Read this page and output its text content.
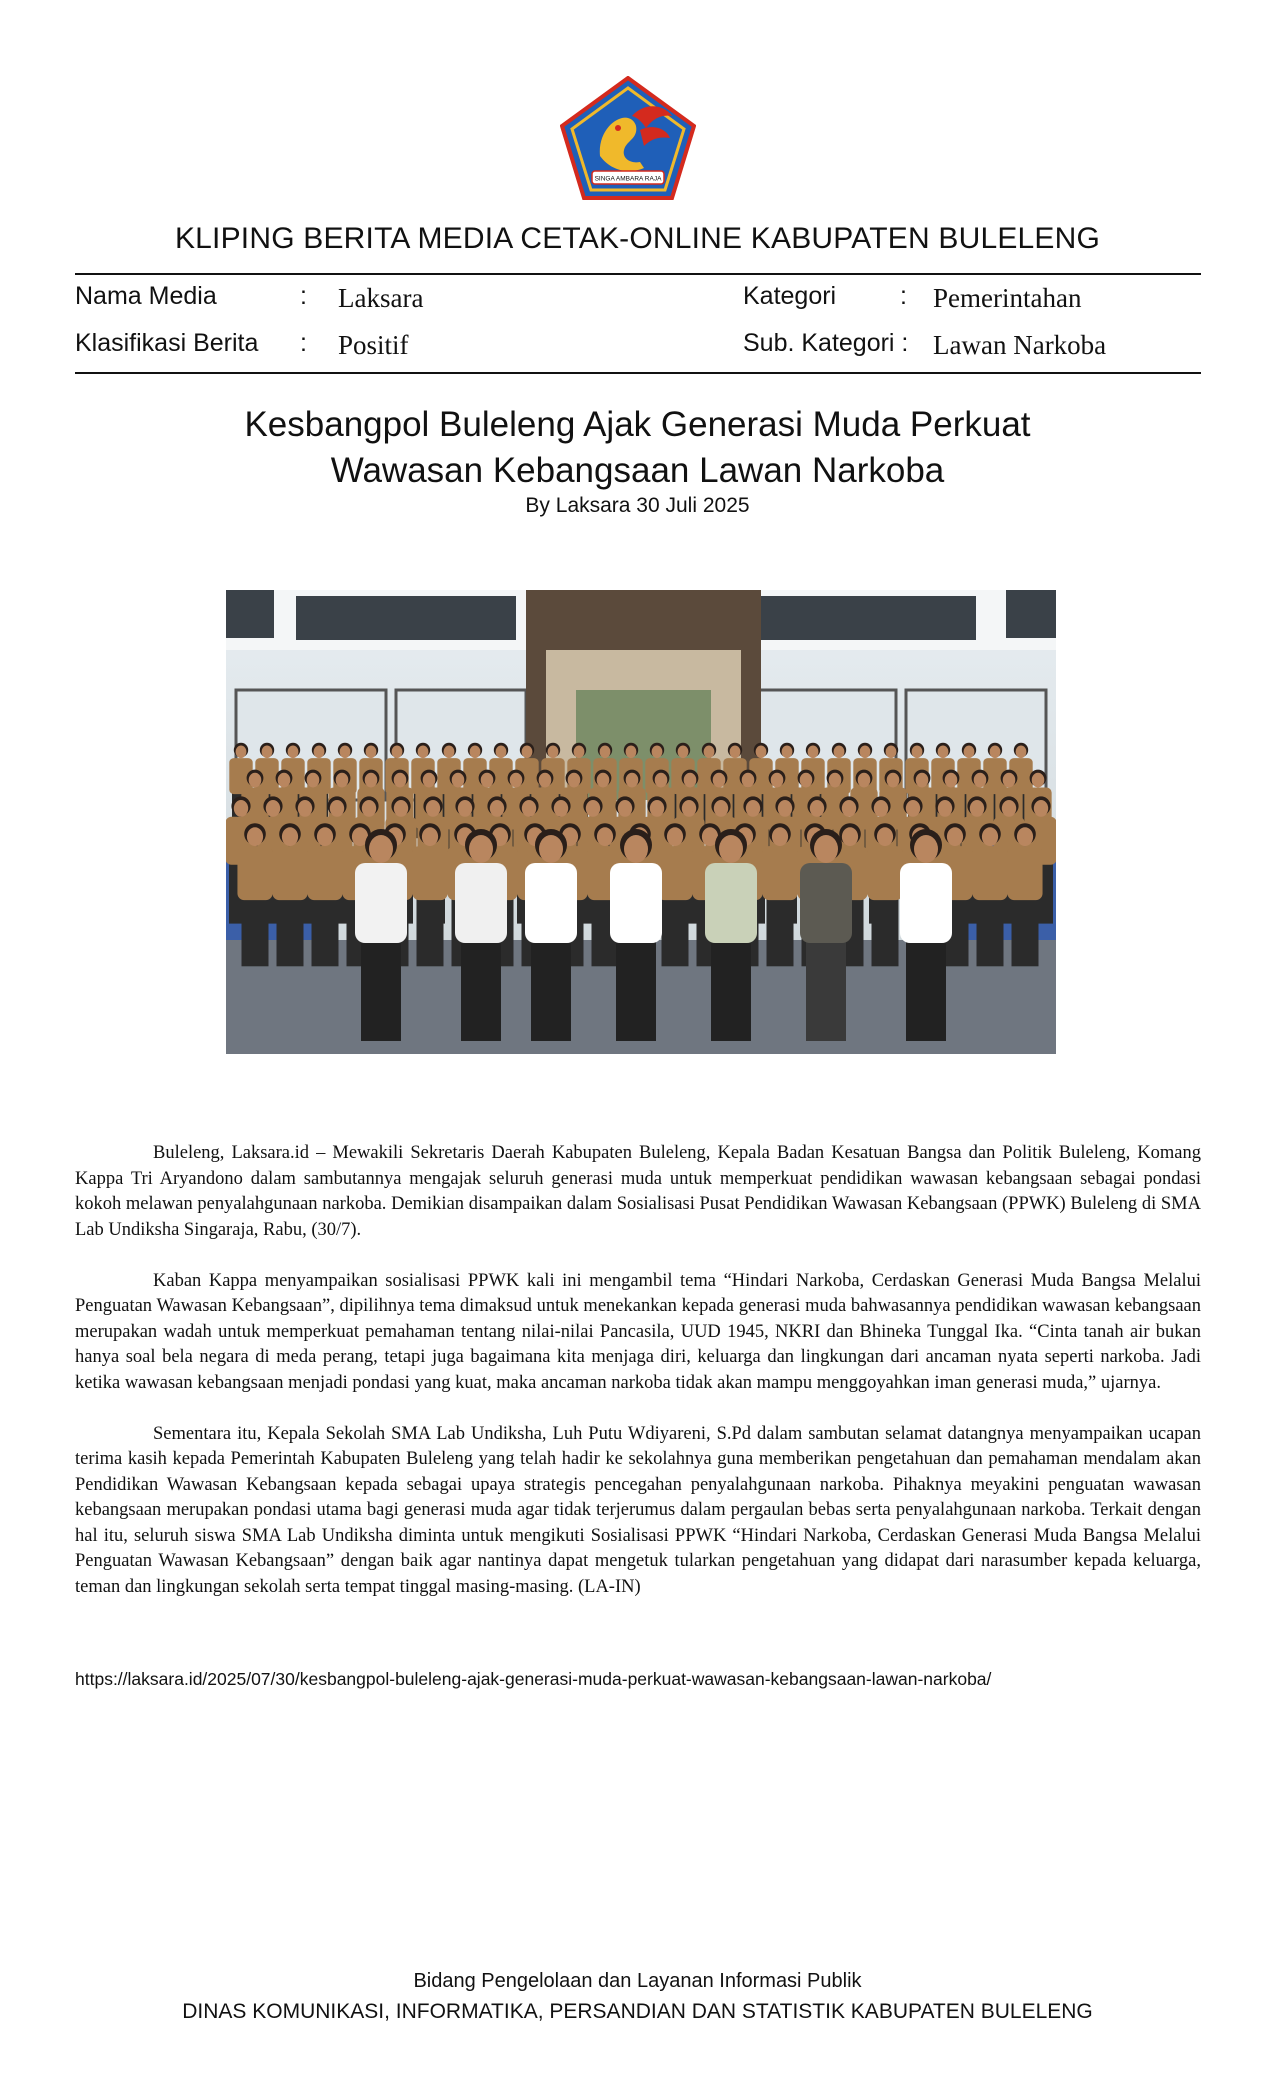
SINGA AMBARA RAJA
KLIPING BERITA MEDIA CETAK-ONLINE KABUPATEN BULELENG
Nama Media	: Laksara	Kategori	: Pemerintahan
Klasifikasi Berita : Positif	Sub. Kategori : Lawan Narkoba
Kesbangpol Buleleng Ajak Generasi Muda Perkuat
Wawasan Kebangsaan Lawan Narkoba
By Laksara 30 Juli 2025

Buleleng, Laksara.id – Mewakili Sekretaris Daerah Kabupaten Buleleng, Kepala Badan Kesatuan Bangsa dan Politik Buleleng, Komang Kappa Tri Aryandono dalam sambutannya mengajak seluruh generasi muda untuk memperkuat pendidikan wawasan kebangsaan sebagai pondasi kokoh melawan penyalahgunaan narkoba. Demikian disampaikan dalam Sosialisasi Pusat Pendidikan Wawasan Kebangsaan (PPWK) Buleleng di SMA Lab Undiksha Singaraja, Rabu, (30/7).

Kaban Kappa menyampaikan sosialisasi PPWK kali ini mengambil tema “Hindari Narkoba, Cerdaskan Generasi Muda Bangsa Melalui Penguatan Wawasan Kebangsaan”, dipilihnya tema dimaksud untuk menekankan kepada generasi muda bahwasannya pendidikan wawasan kebangsaan merupakan wadah untuk memperkuat pemahaman tentang nilai-nilai Pancasila, UUD 1945, NKRI dan Bhineka Tunggal Ika. “Cinta tanah air bukan hanya soal bela negara di meda perang, tetapi juga bagaimana kita menjaga diri, keluarga dan lingkungan dari ancaman nyata seperti narkoba. Jadi ketika wawasan kebangsaan menjadi pondasi yang kuat, maka ancaman narkoba tidak akan mampu menggoyahkan iman generasi muda,” ujarnya.

Sementara itu, Kepala Sekolah SMA Lab Undiksha, Luh Putu Wdiyareni, S.Pd dalam sambutan selamat datangnya menyampaikan ucapan terima kasih kepada Pemerintah Kabupaten Buleleng yang telah hadir ke sekolahnya guna memberikan pengetahuan dan pemahaman mendalam akan Pendidikan Wawasan Kebangsaan kepada sebagai upaya strategis pencegahan penyalahgunaan narkoba. Pihaknya meyakini penguatan wawasan kebangsaan merupakan pondasi utama bagi generasi muda agar tidak terjerumus dalam pergaulan bebas serta penyalahgunaan narkoba. Terkait dengan hal itu, seluruh siswa SMA Lab Undiksha diminta untuk mengikuti Sosialisasi PPWK “Hindari Narkoba, Cerdaskan Generasi Muda Bangsa Melalui Penguatan Wawasan Kebangsaan” dengan baik agar nantinya dapat mengetuk tularkan pengetahuan yang didapat dari narasumber kepada keluarga, teman dan lingkungan sekolah serta tempat tinggal masing-masing. (LA-IN)

https://laksara.id/2025/07/30/kesbangpol-buleleng-ajak-generasi-muda-perkuat-wawasan-kebangsaan-lawan-narkoba/
Bidang Pengelolaan dan Layanan Informasi Publik
DINAS KOMUNIKASI, INFORMATIKA, PERSANDIAN DAN STATISTIK KABUPATEN BULELENG
